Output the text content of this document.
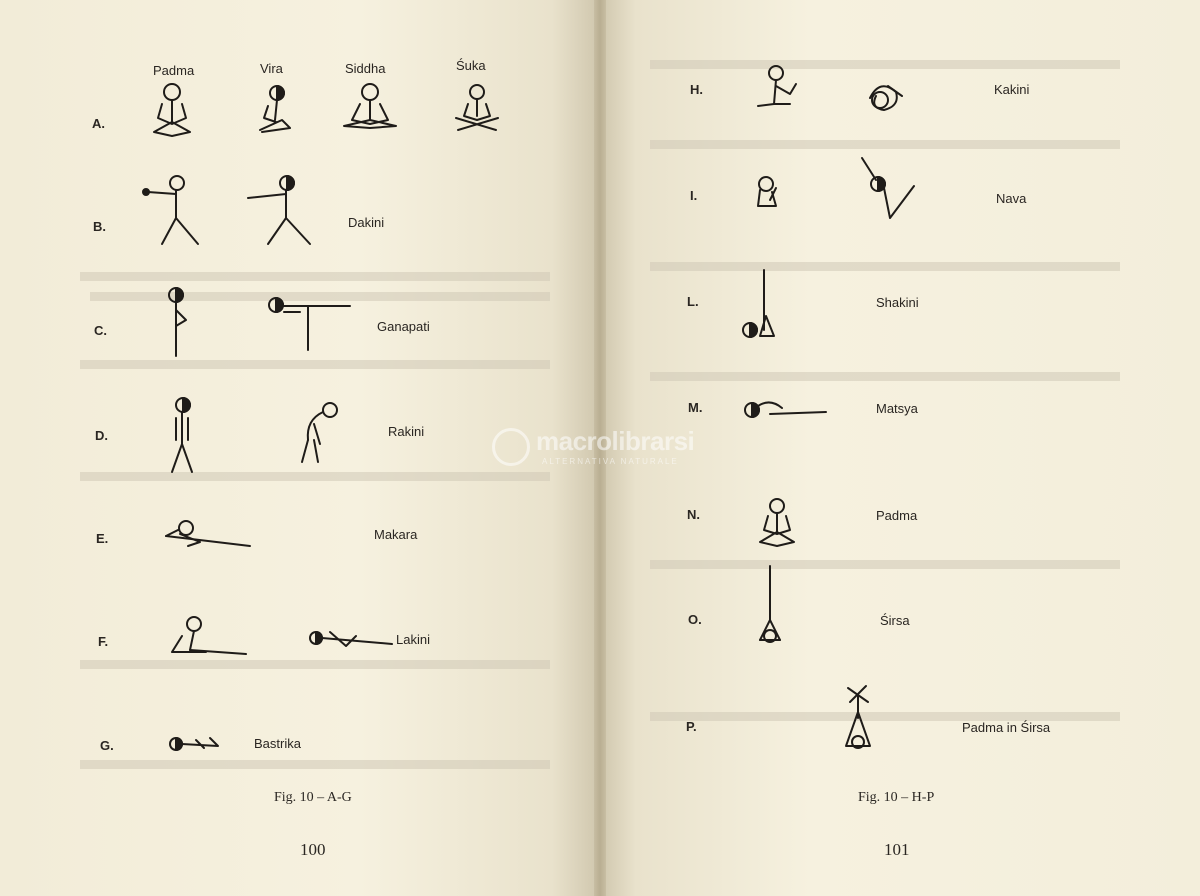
A.
Padma	Vira	Siddha	Śuka
B.	Dakini
C.	Ganapati
D.	Rakini
E.	Makara
F.	Lakini
G.	Bastrika
Fig. 10 – A-G
100
H.	Kakini
I.	Nava
L.	Shakini
M.	Matsya
N.	Padma
O.	Śirsa
P.	Padma in Śirsa
Fig. 10 – H-P
101
macrolibrarsi
ALTERNATIVA NATURALE
